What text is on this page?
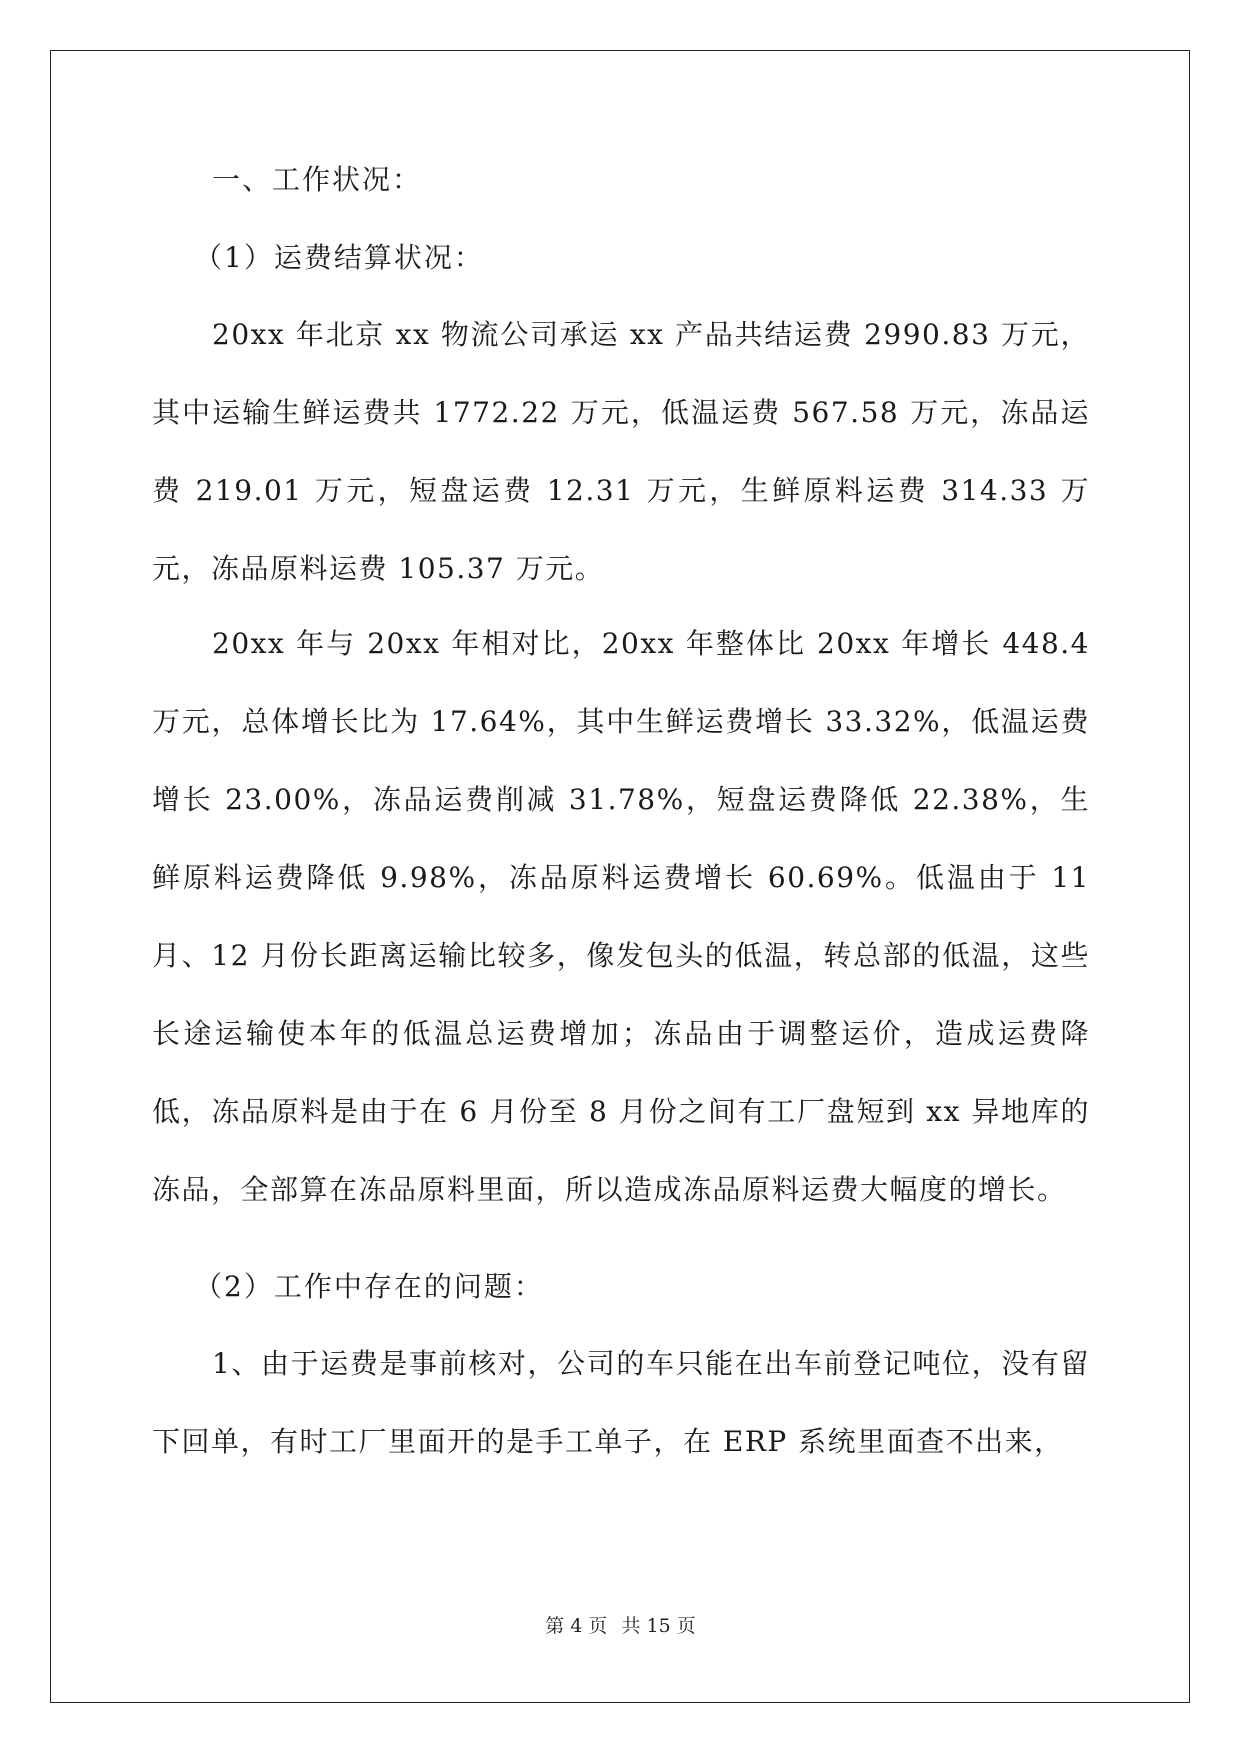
一、工作状况：

（1）运费结算状况：

20xx 年北京 xx 物流公司承运 xx 产品共结运费 2990.83 万元，其中运输生鲜运费共 1772.22 万元，低温运费 567.58 万元，冻品运费 219.01 万元，短盘运费 12.31 万元，生鲜原料运费 314.33 万元，冻品原料运费 105.37 万元。

20xx 年与 20xx 年相对比，20xx 年整体比 20xx 年增长 448.4 万元，总体增长比为 17.64%，其中生鲜运费增长 33.32%，低温运费增长 23.00%，冻品运费削减 31.78%，短盘运费降低 22.38%，生鲜原料运费降低 9.98%，冻品原料运费增长 60.69%。低温由于 11 月、12 月份长距离运输比较多，像发包头的低温，转总部的低温，这些长途运输使本年的低温总运费增加；冻品由于调整运价，造成运费降低，冻品原料是由于在 6 月份至 8 月份之间有工厂盘短到 xx 异地库的冻品，全部算在冻品原料里面，所以造成冻品原料运费大幅度的增长。

（2）工作中存在的问题：

1、由于运费是事前核对，公司的车只能在出车前登记吨位，没有留下回单，有时工厂里面开的是手工单子，在 ERP 系统里面查不出来，

第 4 页 共 15 页
